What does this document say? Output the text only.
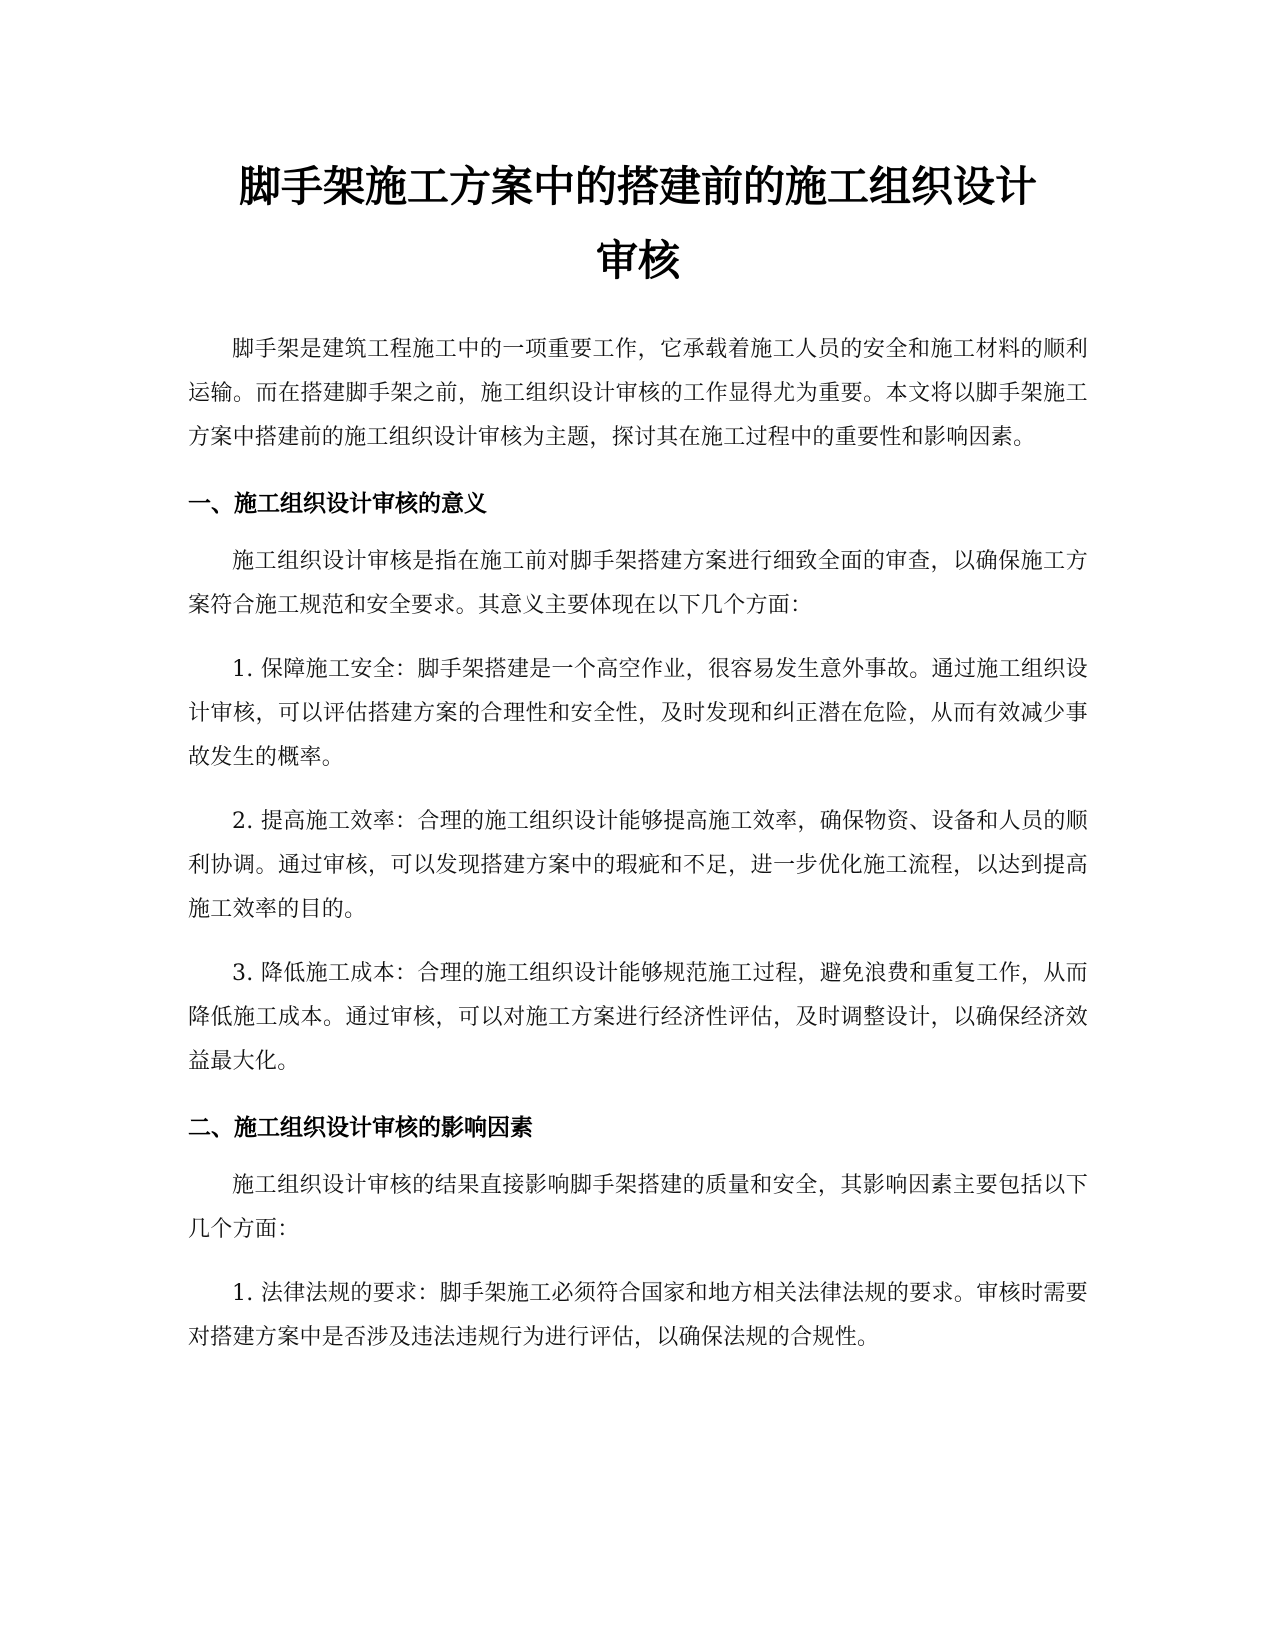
脚手架施工方案中的搭建前的施工组织设计
审核

脚手架是建筑工程施工中的一项重要工作，它承载着施工人员的安全和施工材料的顺利运输。而在搭建脚手架之前，施工组织设计审核的工作显得尤为重要。本文将以脚手架施工方案中搭建前的施工组织设计审核为主题，探讨其在施工过程中的重要性和影响因素。

一、施工组织设计审核的意义

施工组织设计审核是指在施工前对脚手架搭建方案进行细致全面的审查，以确保施工方案符合施工规范和安全要求。其意义主要体现在以下几个方面：

1. 保障施工安全：脚手架搭建是一个高空作业，很容易发生意外事故。通过施工组织设计审核，可以评估搭建方案的合理性和安全性，及时发现和纠正潜在危险，从而有效减少事故发生的概率。

2. 提高施工效率：合理的施工组织设计能够提高施工效率，确保物资、设备和人员的顺利协调。通过审核，可以发现搭建方案中的瑕疵和不足，进一步优化施工流程，以达到提高施工效率的目的。

3. 降低施工成本：合理的施工组织设计能够规范施工过程，避免浪费和重复工作，从而降低施工成本。通过审核，可以对施工方案进行经济性评估，及时调整设计，以确保经济效益最大化。

二、施工组织设计审核的影响因素

施工组织设计审核的结果直接影响脚手架搭建的质量和安全，其影响因素主要包括以下几个方面：

1. 法律法规的要求：脚手架施工必须符合国家和地方相关法律法规的要求。审核时需要对搭建方案中是否涉及违法违规行为进行评估，以确保法规的合规性。
